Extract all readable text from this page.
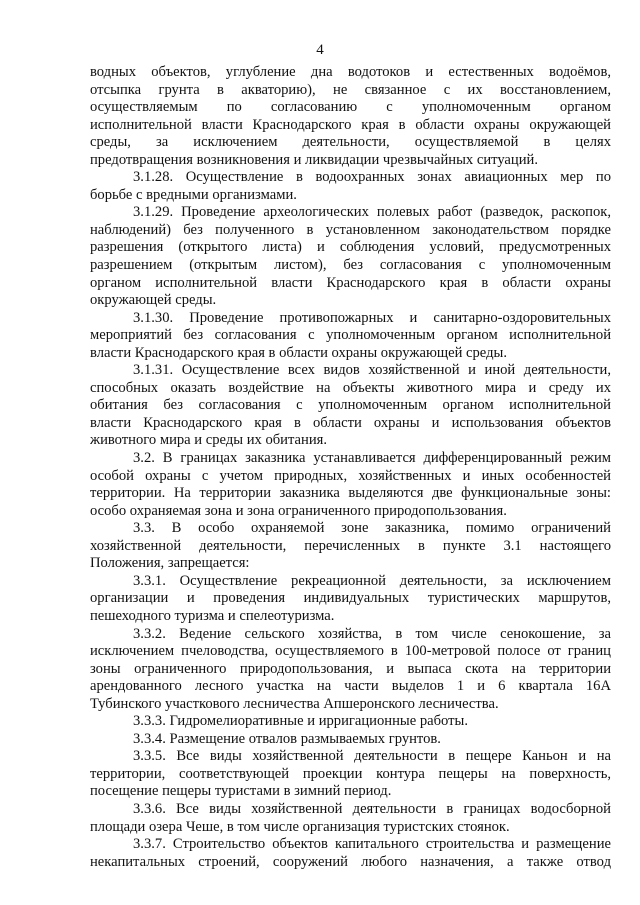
4
водных объектов, углубление дна водотоков и естественных водоёмов,
отсыпка грунта в акваторию), не связанное с их восстановлением,
осуществляемым по согласованию с уполномоченным органом
исполнительной власти Краснодарского края в области охраны окружающей
среды, за исключением деятельности, осуществляемой в целях
предотвращения возникновения и ликвидации чрезвычайных ситуаций.
3.1.28. Осуществление в водоохранных зонах авиационных мер по
борьбе с вредными организмами.
3.1.29. Проведение археологических полевых работ (разведок, раскопок,
наблюдений) без полученного в установленном законодательством порядке
разрешения (открытого листа) и соблюдения условий, предусмотренных
разрешением (открытым листом), без согласования с уполномоченным
органом исполнительной власти Краснодарского края в области охраны
окружающей среды.
3.1.30. Проведение противопожарных и санитарно-оздоровительных
мероприятий без согласования с уполномоченным органом исполнительной
власти Краснодарского края в области охраны окружающей среды.
3.1.31. Осуществление всех видов хозяйственной и иной деятельности,
способных оказать воздействие на объекты животного мира и среду их
обитания без согласования с уполномоченным органом исполнительной
власти Краснодарского края в области охраны и использования объектов
животного мира и среды их обитания.
3.2. В границах заказника устанавливается дифференцированный режим
особой охраны с учетом природных, хозяйственных и иных особенностей
территории. На территории заказника выделяются две функциональные зоны:
особо охраняемая зона и зона ограниченного природопользования.
3.3. В особо охраняемой зоне заказника, помимо ограничений
хозяйственной деятельности, перечисленных в пункте 3.1 настоящего
Положения, запрещается:
3.3.1. Осуществление рекреационной деятельности, за исключением
организации и проведения индивидуальных туристических маршрутов,
пешеходного туризма и спелеотуризма.
3.3.2. Ведение сельского хозяйства, в том числе сенокошение, за
исключением пчеловодства, осуществляемого в 100-метровой полосе от границ
зоны ограниченного природопользования, и выпаса скота на территории
арендованного лесного участка на части выделов 1 и 6 квартала 16А
Тубинского участкового лесничества Апшеронского лесничества.
3.3.3. Гидромелиоративные и ирригационные работы.
3.3.4. Размещение отвалов размываемых грунтов.
3.3.5. Все виды хозяйственной деятельности в пещере Каньон и на
территории, соответствующей проекции контура пещеры на поверхность,
посещение пещеры туристами в зимний период.
3.3.6. Все виды хозяйственной деятельности в границах водосборной
площади озера Чеше, в том числе организация туристских стоянок.
3.3.7. Строительство объектов капитального строительства и размещение
некапитальных строений, сооружений любого назначения, а также отвод
